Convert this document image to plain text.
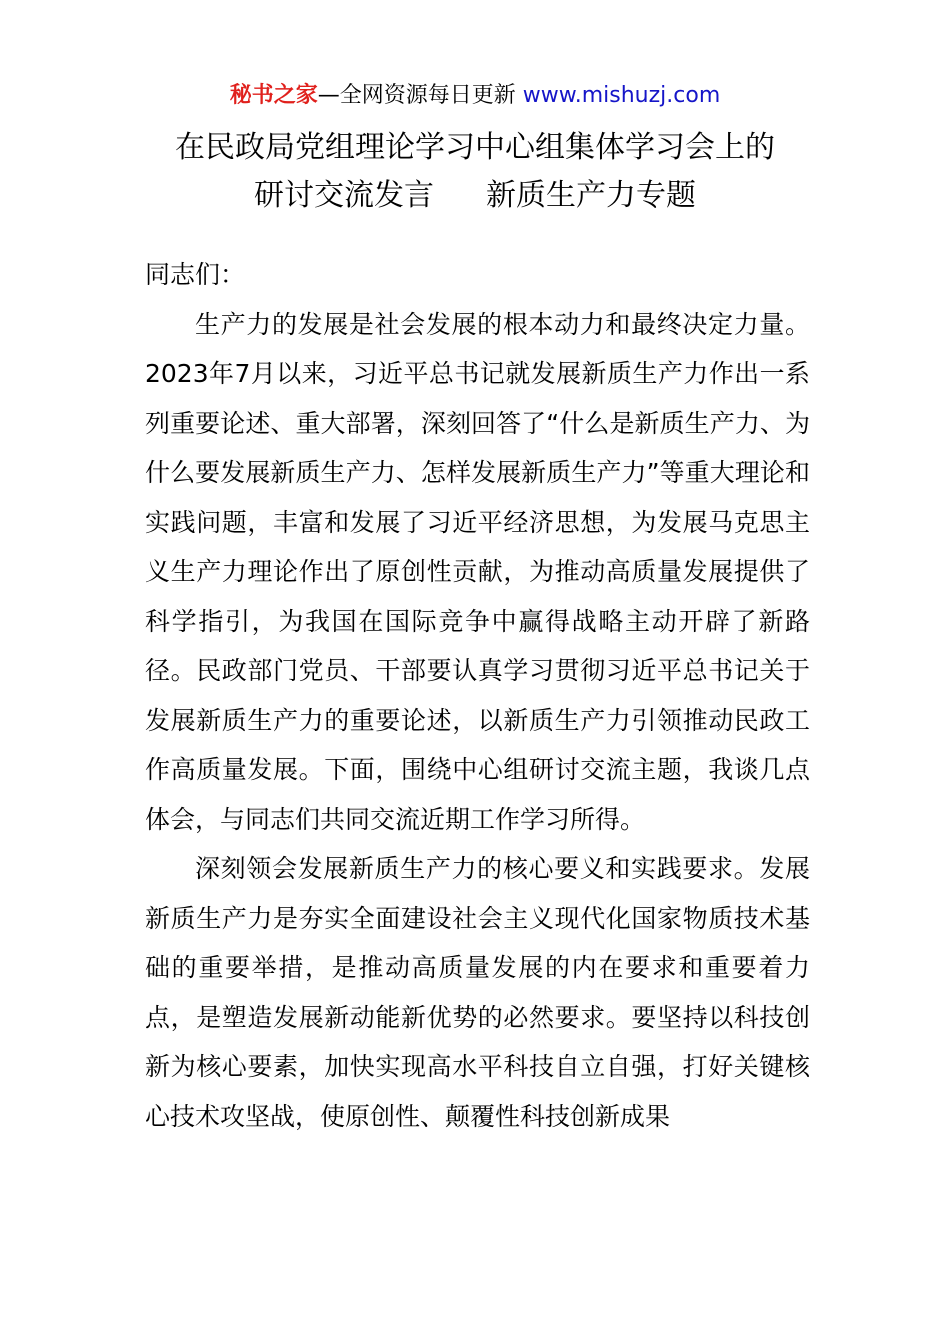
秘书之家—全网资源每日更新 www.mishuzj.com
在民政局党组理论学习中心组集体学习会上的
研讨交流发言 新质生产力专题

同志们：

生产力的发展是社会发展的根本动力和最终决定力量。2023年7月以来，习近平总书记就发展新质生产力作出一系列重要论述、重大部署，深刻回答了“什么是新质生产力、为什么要发展新质生产力、怎样发展新质生产力”等重大理论和实践问题，丰富和发展了习近平经济思想，为发展马克思主义生产力理论作出了原创性贡献，为推动高质量发展提供了科学指引，为我国在国际竞争中赢得战略主动开辟了新路径。民政部门党员、干部要认真学习贯彻习近平总书记关于发展新质生产力的重要论述，以新质生产力引领推动民政工作高质量发展。下面，围绕中心组研讨交流主题，我谈几点体会，与同志们共同交流近期工作学习所得。

深刻领会发展新质生产力的核心要义和实践要求。发展新质生产力是夯实全面建设社会主义现代化国家物质技术基础的重要举措，是推动高质量发展的内在要求和重要着力点，是塑造发展新动能新优势的必然要求。要坚持以科技创新为核心要素，加快实现高水平科技自立自强，打好关键核心技术攻坚战，使原创性、颠覆性科技创新成果
